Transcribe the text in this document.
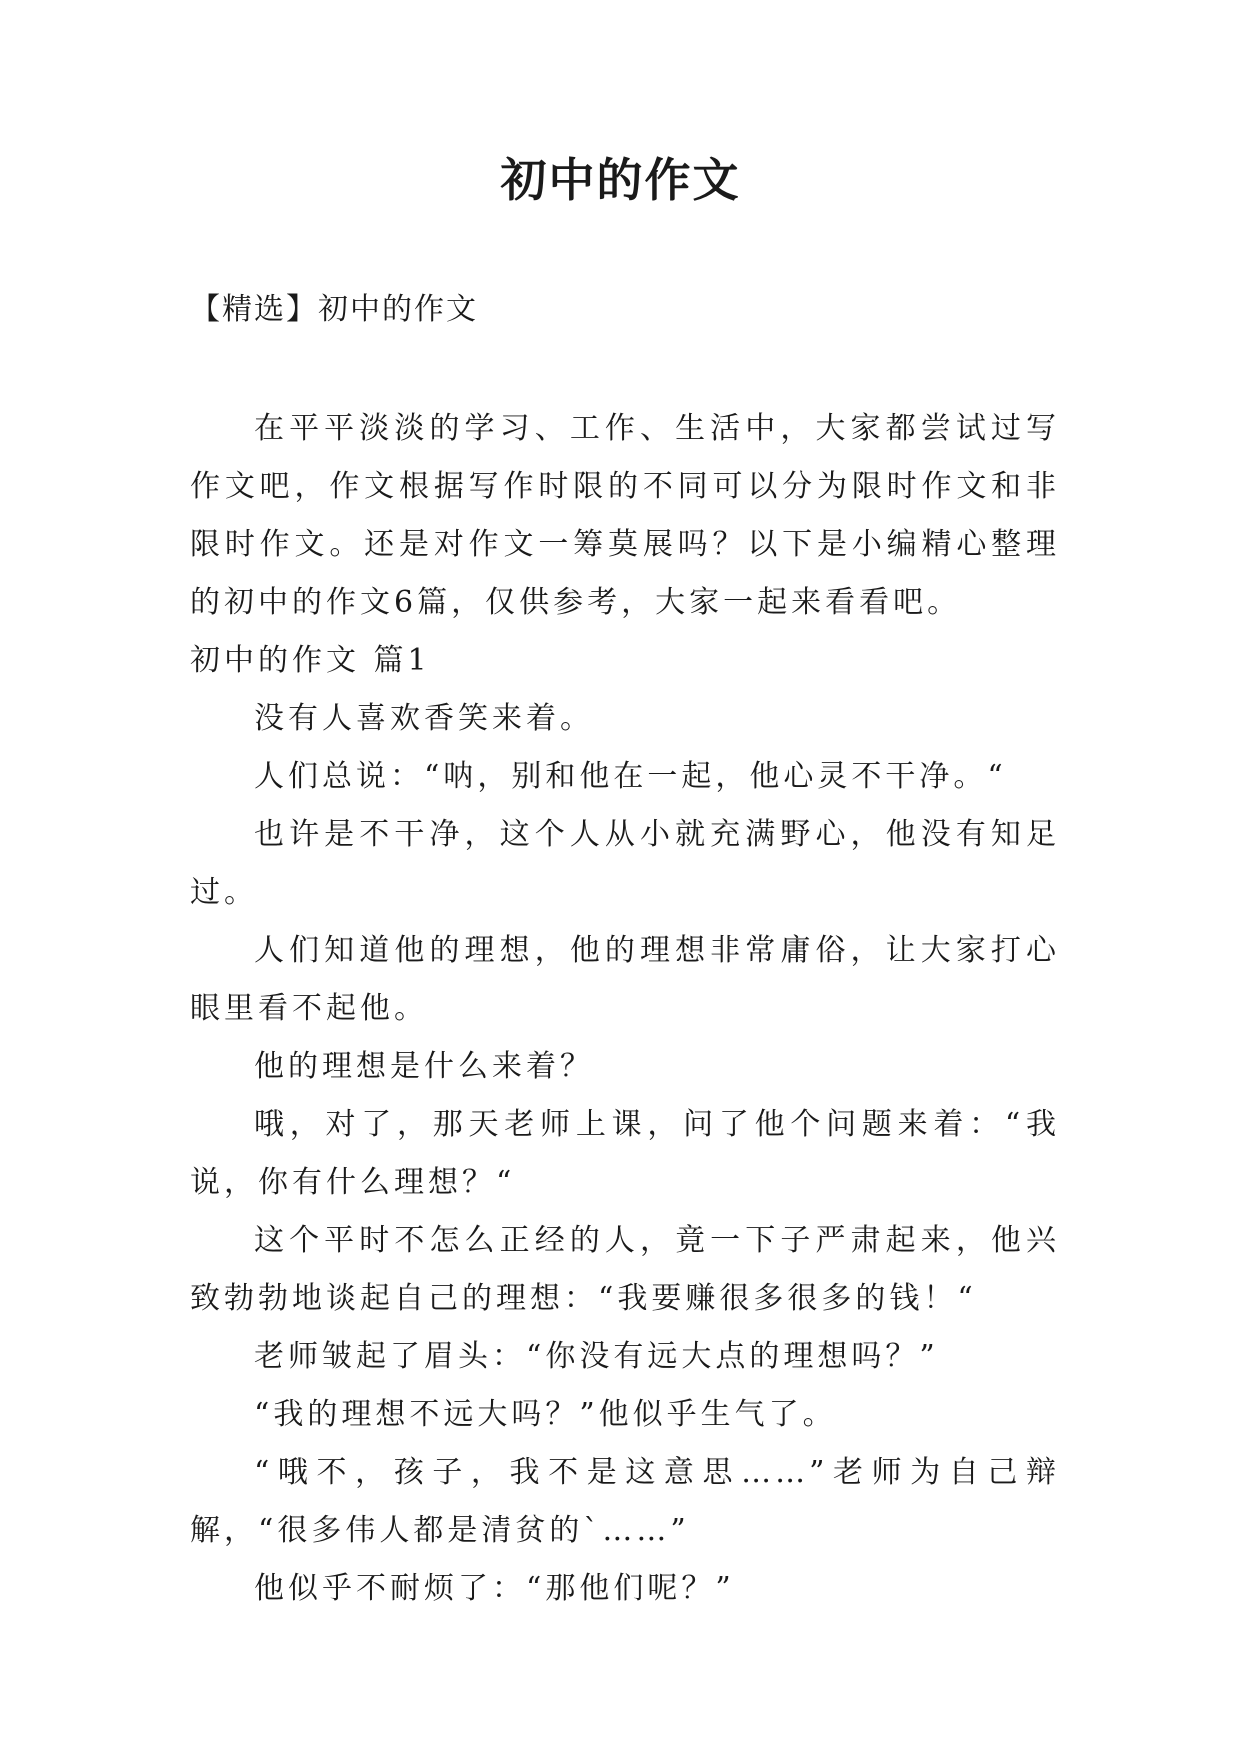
初中的作文

【精选】初中的作文

在平平淡淡的学习、工作、生活中，大家都尝试过写作文吧，作文根据写作时限的不同可以分为限时作文和非限时作文。还是对作文一筹莫展吗？以下是小编精心整理的初中的作文6篇，仅供参考，大家一起来看看吧。

初中的作文 篇1

没有人喜欢香笑来着。

人们总说：“呐，别和他在一起，他心灵不干净。“

也许是不干净，这个人从小就充满野心，他没有知足过。

人们知道他的理想，他的理想非常庸俗，让大家打心眼里看不起他。

他的理想是什么来着？

哦，对了，那天老师上课，问了他个问题来着：“我说，你有什么理想？“

这个平时不怎么正经的人，竟一下子严肃起来，他兴致勃勃地谈起自己的理想：“我要赚很多很多的钱！“

老师皱起了眉头：“你没有远大点的理想吗？”

“我的理想不远大吗？”他似乎生气了。

“哦不，孩子，我不是这意思……”老师为自己辩解，“很多伟人都是清贫的`……”

他似乎不耐烦了：“那他们呢？”
